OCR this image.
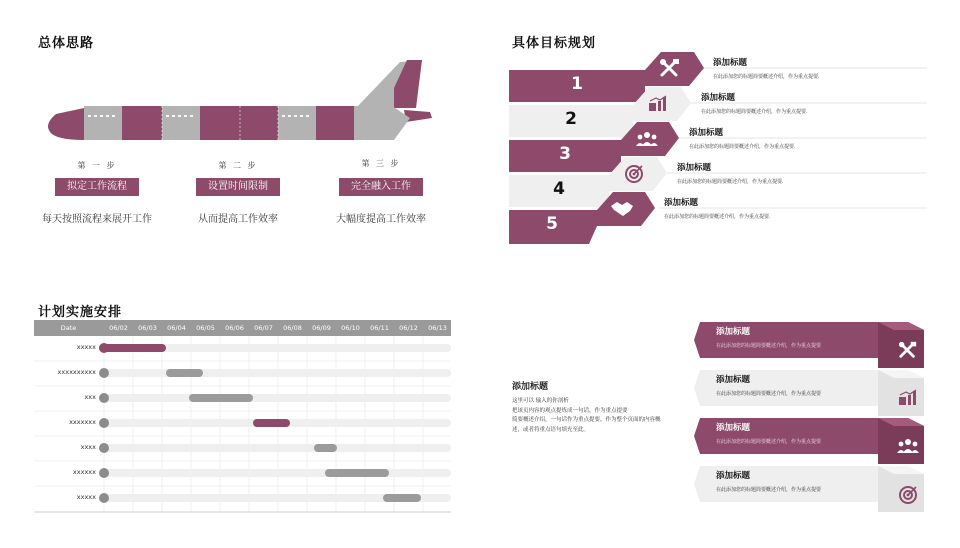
总体思路
第 一 步
拟定工作流程
每天按照流程来展开工作
第 二 步
设置时间限制
从而提高工作效率
第 三 步
完全融入工作
大幅度提高工作效率
具体目标规划
1
添加标题
在此添加您的标题简要概述介绍，作为重点提要.
2
添加标题
在此添加您的标题简要概述介绍，作为重点提要.
3
添加标题
在此添加您的标题简要概述介绍，作为重点提要.
4
添加标题
在此添加您的标题简要概述介绍，作为重点提要.
5
添加标题
在此添加您的标题简要概述介绍，作为重点提要.
计划实施安排
Date	06/02	06/03	06/04	06/05	06/06	06/07	06/08	06/09	06/10	06/11	06/12	06/13
xxxxx
xxxxxxxxxx
xxx
xxxxxxx
xxxx
xxxxxx
xxxxx
添加标题
这里可以 输入的你剖析
把该页内容的观点提炼成一句话，作为重点提要
简要概述介绍，一句话作为重点提要，作为整个页面的内容概
述，或者将重点语句填充至此。
添加标题
在此添加您的标题简要概述介绍，作为重点提要
添加标题
在此添加您的标题简要概述介绍，作为重点提要
添加标题
在此添加您的标题简要概述介绍，作为重点提要
添加标题
在此添加您的标题简要概述介绍，作为重点提要
